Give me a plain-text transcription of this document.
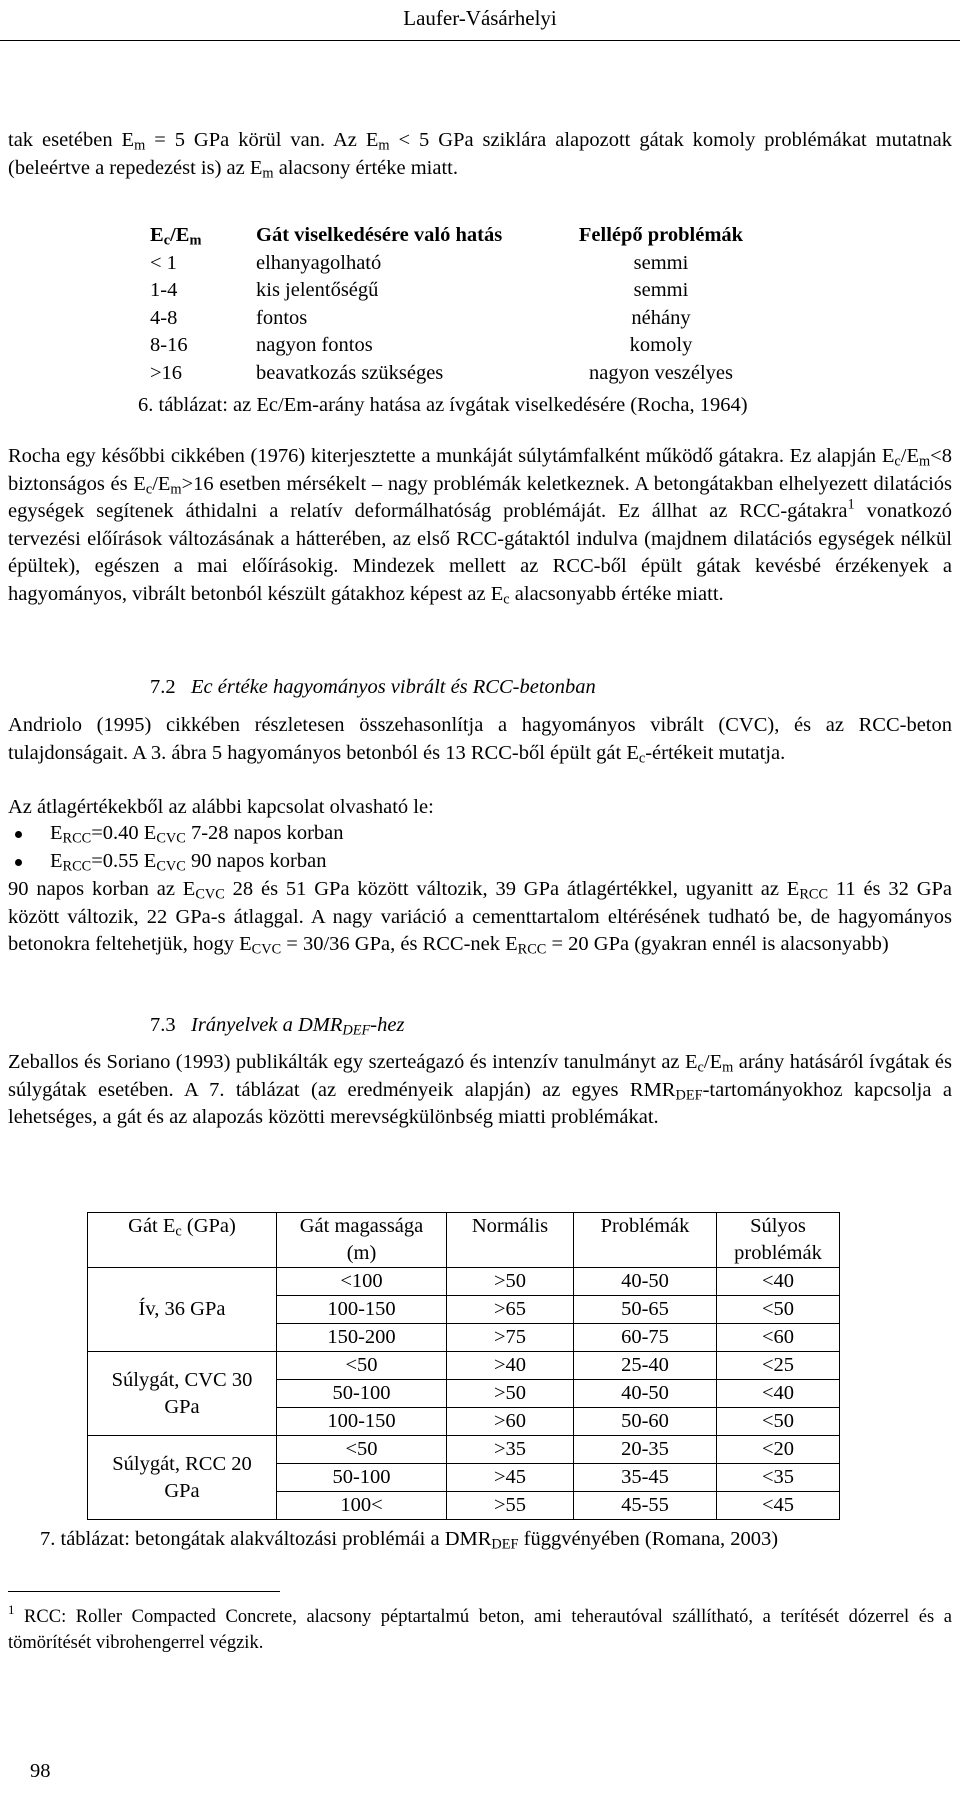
Laufer-Vásárhelyi

tak esetében $E_m = 5$ GPa körül van. Az $E_m < 5$ GPa sziklára alapozott gátak komoly problémákat mutatnak (beleértve a repedezést is) az $E_m$ alacsony értéke miatt.

$E_c/E_m$	Gát viselkedésére való hatás	Fellépő problémák
< 1	elhanyagolható	semmi
1-4	kis jelentőségű	semmi
4-8	fontos	néhány
8-16	nagyon fontos	komoly
>16	beavatkozás szükséges	nagyon veszélyes
6. táblázat: az Ec/Em-arány hatása az ívgátak viselkedésére (Rocha, 1964)

Rocha egy későbbi cikkében (1976) kiterjesztette a munkáját súlytámfalként működő gátakra. Ez alapján $E_c/E_m<8$ biztonságos és $E_c/E_m>16$ esetben mérsékelt – nagy problémák keletkeznek. A betongátakban elhelyezett dilatációs egységek segítenek áthidalni a relatív deformálhatóság problémáját. Ez állhat az RCC-gátakra$^1$ vonatkozó tervezési előírások változásának a hátterében, az első RCC-gátaktól indulva (majdnem dilatációs egységek nélkül épültek), egészen a mai előírásokig. Mindezek mellett az RCC-ből épült gátak kevésbé érzékenyek a hagyományos, vibrált betonból készült gátakhoz képest az $E_c$ alacsonyabb értéke miatt.

7.2 Ec értéke hagyományos vibrált és RCC-betonban

Andriolo (1995) cikkében részletesen összehasonlítja a hagyományos vibrált (CVC), és az RCC-beton tulajdonságait. A 3. ábra 5 hagyományos betonból és 13 RCC-ből épült gát $E_c$-értékeit mutatja.

Az átlagértékekből az alábbi kapcsolat olvasható le:
$E_{RCC}=0.40$ $E_{CVC}$ 7-28 napos korban
$E_{RCC}=0.55$ $E_{CVC}$ 90 napos korban

90 napos korban az $E_{CVC}$ 28 és 51 GPa között változik, 39 GPa átlagértékkel, ugyanitt az $E_{RCC}$ 11 és 32 GPa között változik, 22 GPa-s átlaggal. A nagy variáció a cementtartalom eltérésének tudható be, de hagyományos betonokra feltehetjük, hogy $E_{CVC} = 30/36$ GPa, és RCC-nek $E_{RCC} = 20$ GPa (gyakran ennél is alacsonyabb)

7.3 Irányelvek a $DMR_{DEF}$-hez

Zeballos és Soriano (1993) publikálták egy szerteágazó és intenzív tanulmányt az $E_c/E_m$ arány hatásáról ívgátak és súlygátak esetében. A 7. táblázat (az eredményeik alapján) az egyes $RMR_{DEF}$-tartományokhoz kapcsolja a lehetséges, a gát és az alapozás közötti merevségkülönbség miatti problémákat.

Gát $E_c$ (GPa)	Gát magassága (m)	Normális	Problémák	Súlyos problémák
Ív, 36 GPa	<100	>50	40-50	<40
	100-150	>65	50-65	<50
	150-200	>75	60-75	<60
Súlygát, CVC 30 GPa	<50	>40	25-40	<25
	50-100	>50	40-50	<40
	100-150	>60	50-60	<50
Súlygát, RCC 20 GPa	<50	>35	20-35	<20
	50-100	>45	35-45	<35
	100<	>55	45-55	<45
7. táblázat: betongátak alakváltozási problémái a $DMR_{DEF}$ függvényében (Romana, 2003)

$^1$ RCC: Roller Compacted Concrete, alacsony péptartalmú beton, ami teherautóval szállítható, a terítését dózerrel és a tömörítését vibrohengerrel végzik.

98
